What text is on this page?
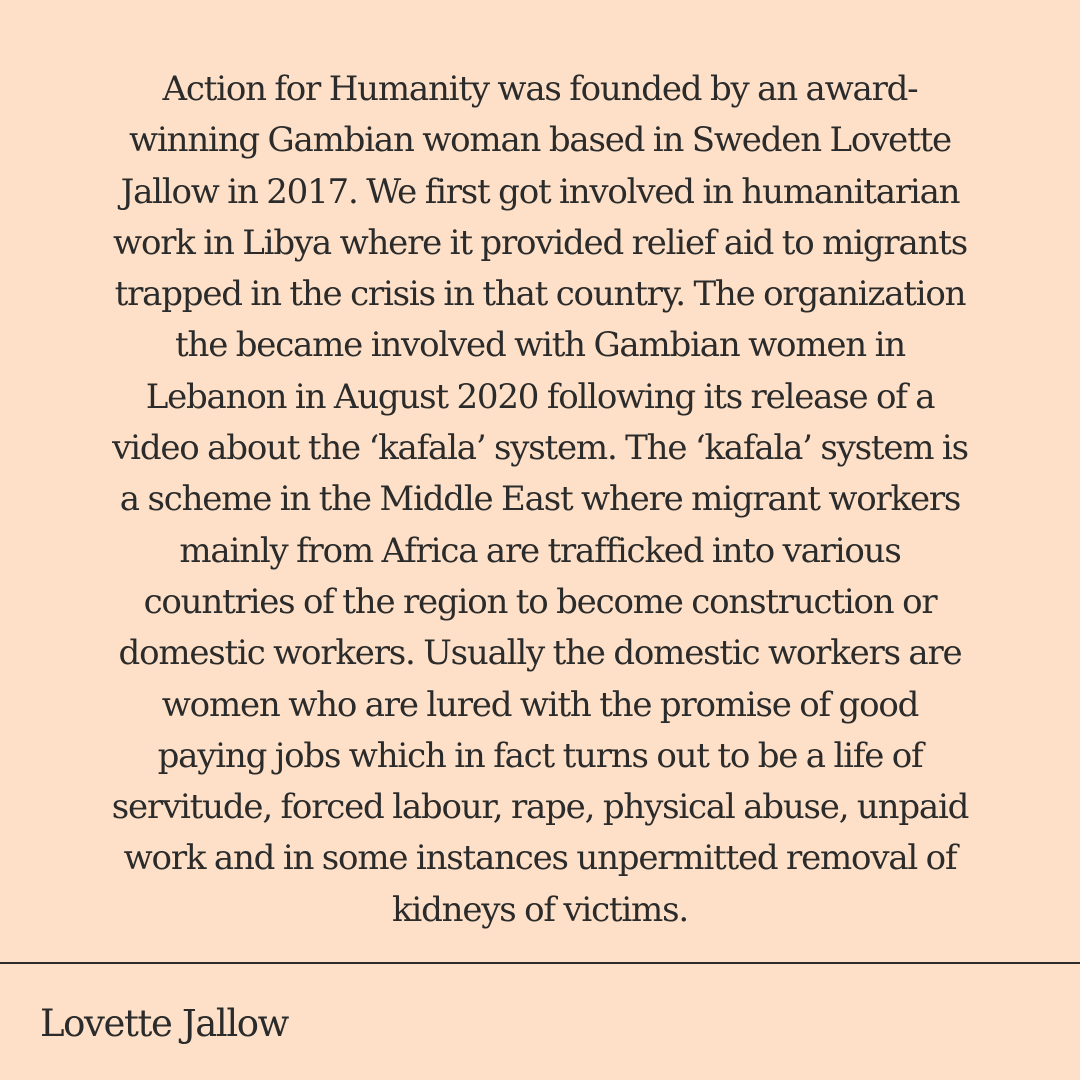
Action for Humanity was founded by an award-
winning Gambian woman based in Sweden Lovette
Jallow in 2017. We first got involved in humanitarian
work in Libya where it provided relief aid to migrants
trapped in the crisis in that country. The organization
the became involved with Gambian women in
Lebanon in August 2020 following its release of a
video about the ‘kafala’ system. The ‘kafala’ system is
a scheme in the Middle East where migrant workers
mainly from Africa are trafficked into various
countries of the region to become construction or
domestic workers. Usually the domestic workers are
women who are lured with the promise of good
paying jobs which in fact turns out to be a life of
servitude, forced labour, rape, physical abuse, unpaid
work and in some instances unpermitted removal of
kidneys of victims.

Lovette Jallow
